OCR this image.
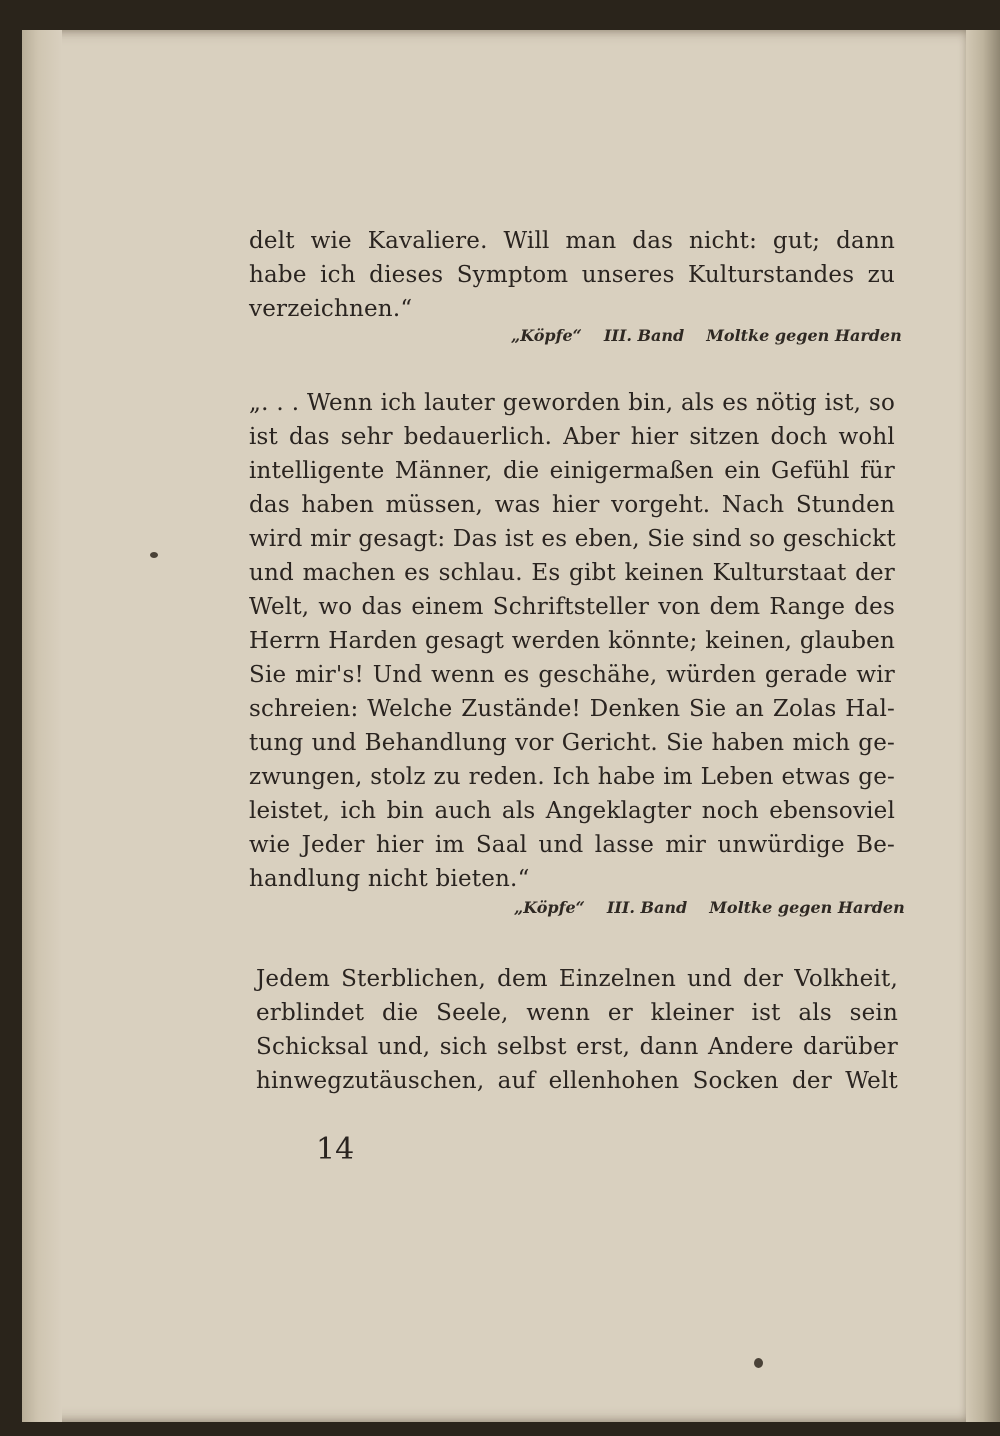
delt wie Kavaliere. Will man das nicht: gut; dann
habe ich dieses Symptom unseres Kulturstandes zu
verzeichnen.“
„Köpfe“ III. Band Moltke gegen Harden
„. . . Wenn ich lauter geworden bin, als es nötig ist, so
ist das sehr bedauerlich. Aber hier sitzen doch wohl
intelligente Männer, die einigermaßen ein Gefühl für
das haben müssen, was hier vorgeht. Nach Stunden
wird mir gesagt: Das ist es eben, Sie sind so geschickt
und machen es schlau. Es gibt keinen Kulturstaat der
Welt, wo das einem Schriftsteller von dem Range des
Herrn Harden gesagt werden könnte; keinen, glauben
Sie mir's! Und wenn es geschähe, würden gerade wir
schreien: Welche Zustände! Denken Sie an Zolas Hal-
tung und Behandlung vor Gericht. Sie haben mich ge-
zwungen, stolz zu reden. Ich habe im Leben etwas ge-
leistet, ich bin auch als Angeklagter noch ebensoviel
wie Jeder hier im Saal und lasse mir unwürdige Be-
handlung nicht bieten.“
„Köpfe“ III. Band Moltke gegen Harden
Jedem Sterblichen, dem Einzelnen und der Volkheit,
erblindet die Seele, wenn er kleiner ist als sein
Schicksal und, sich selbst erst, dann Andere darüber
hinwegzutäuschen, auf ellenhohen Socken der Welt
14
